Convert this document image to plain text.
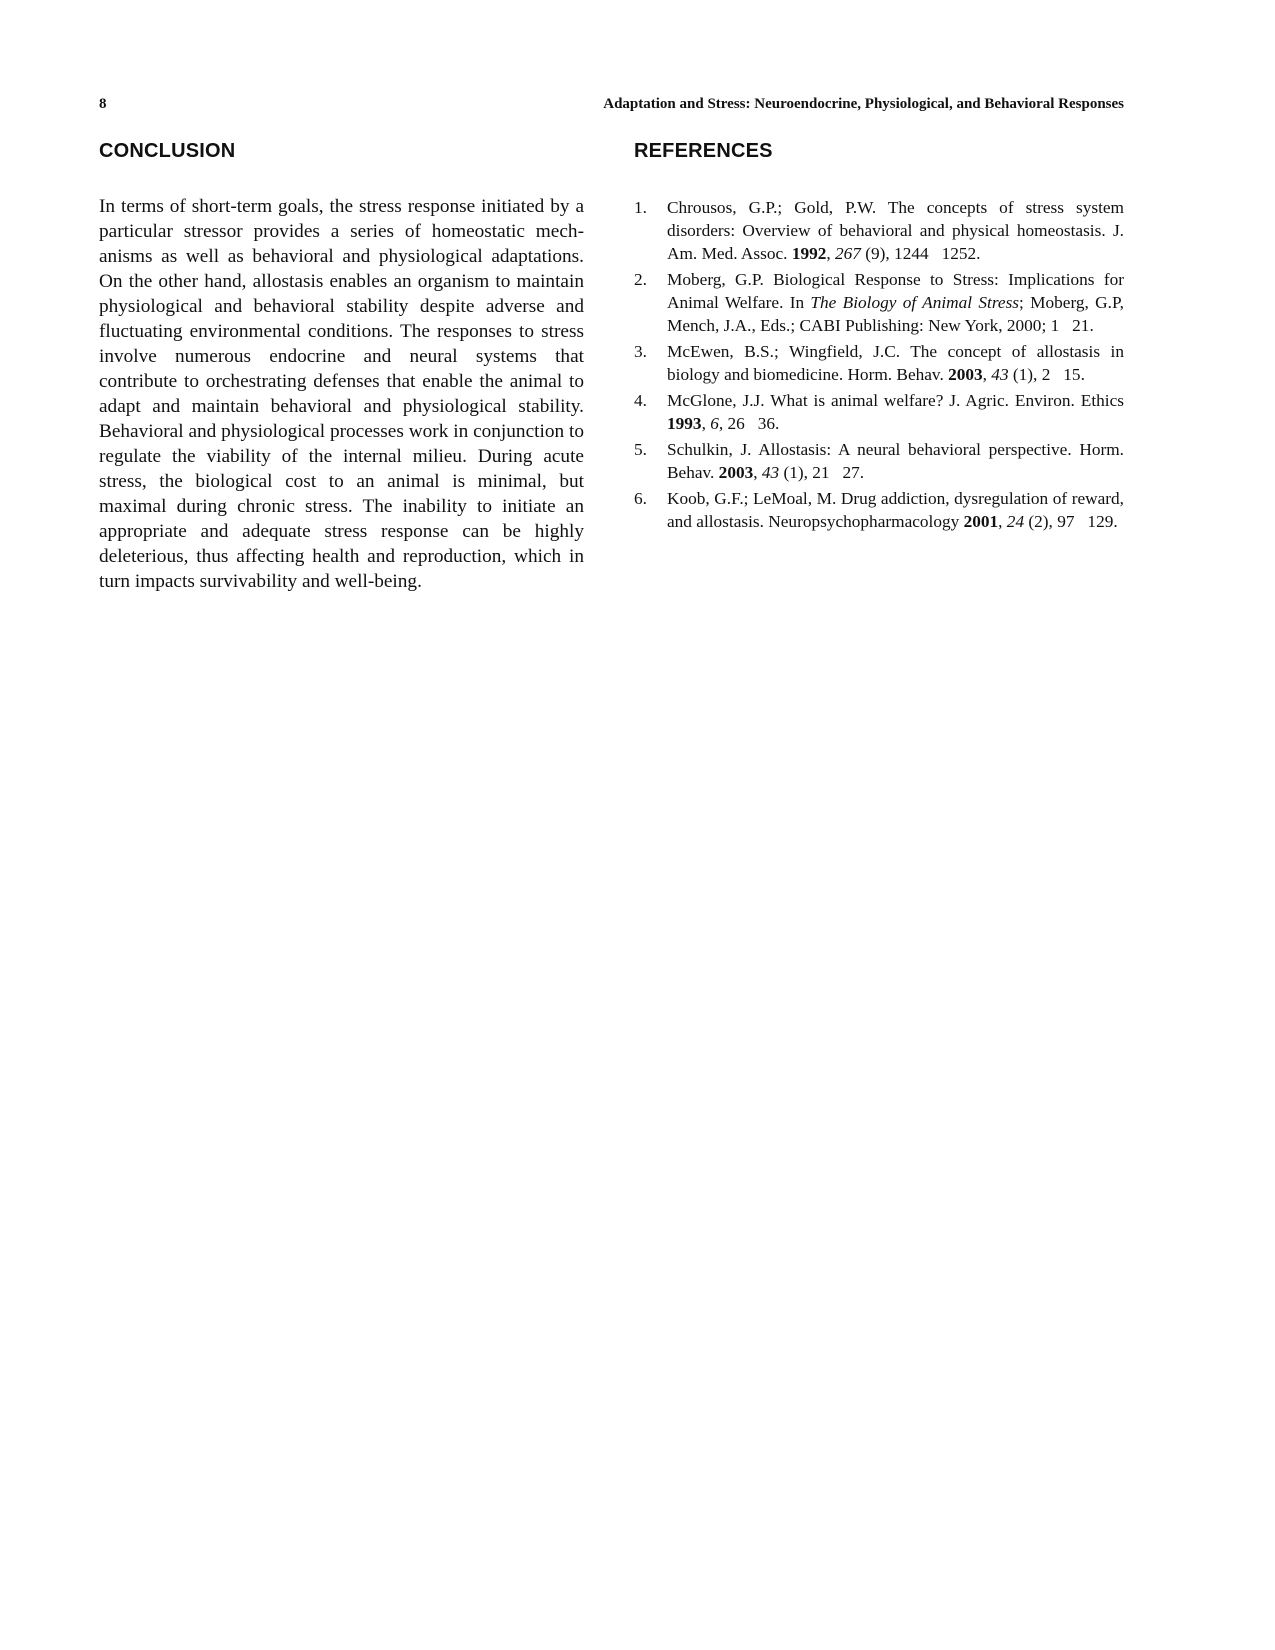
8	Adaptation and Stress: Neuroendocrine, Physiological, and Behavioral Responses
CONCLUSION

In terms of short-term goals, the stress response initiated by a particular stressor provides a series of homeostatic mechanisms as well as behavioral and physiological adaptations. On the other hand, allostasis enables an organism to maintain physiological and behavioral stability despite adverse and fluctuating environmental conditions. The responses to stress involve numerous endocrine and neural systems that contribute to orchestrating defenses that enable the animal to adapt and maintain behavioral and physiological stability. Behavioral and physiological processes work in conjunction to regulate the viability of the internal milieu. During acute stress, the biological cost to an animal is minimal, but maximal during chronic stress. The inability to initiate an appropriate and adequate stress response can be highly deleterious, thus affecting health and reproduction, which in turn impacts survivability and well-being.

REFERENCES
1. Chrousos, G.P.; Gold, P.W. The concepts of stress system disorders: Overview of behavioral and physical homeostasis. J. Am. Med. Assoc. 1992, 267 (9), 1244   1252.
2. Moberg, G.P. Biological Response to Stress: Implications for Animal Welfare. In The Biology of Animal Stress; Moberg, G.P, Mench, J.A., Eds.; CABI Publishing: New York, 2000; 1   21.
3. McEwen, B.S.; Wingfield, J.C. The concept of allostasis in biology and biomedicine. Horm. Behav. 2003, 43 (1), 2   15.
4. McGlone, J.J. What is animal welfare? J. Agric. Environ. Ethics 1993, 6, 26   36.
5. Schulkin, J. Allostasis: A neural behavioral perspective. Horm. Behav. 2003, 43 (1), 21   27.
6. Koob, G.F.; LeMoal, M. Drug addiction, dysregulation of reward, and allostasis. Neuropsychopharmacology 2001, 24 (2), 97   129.
